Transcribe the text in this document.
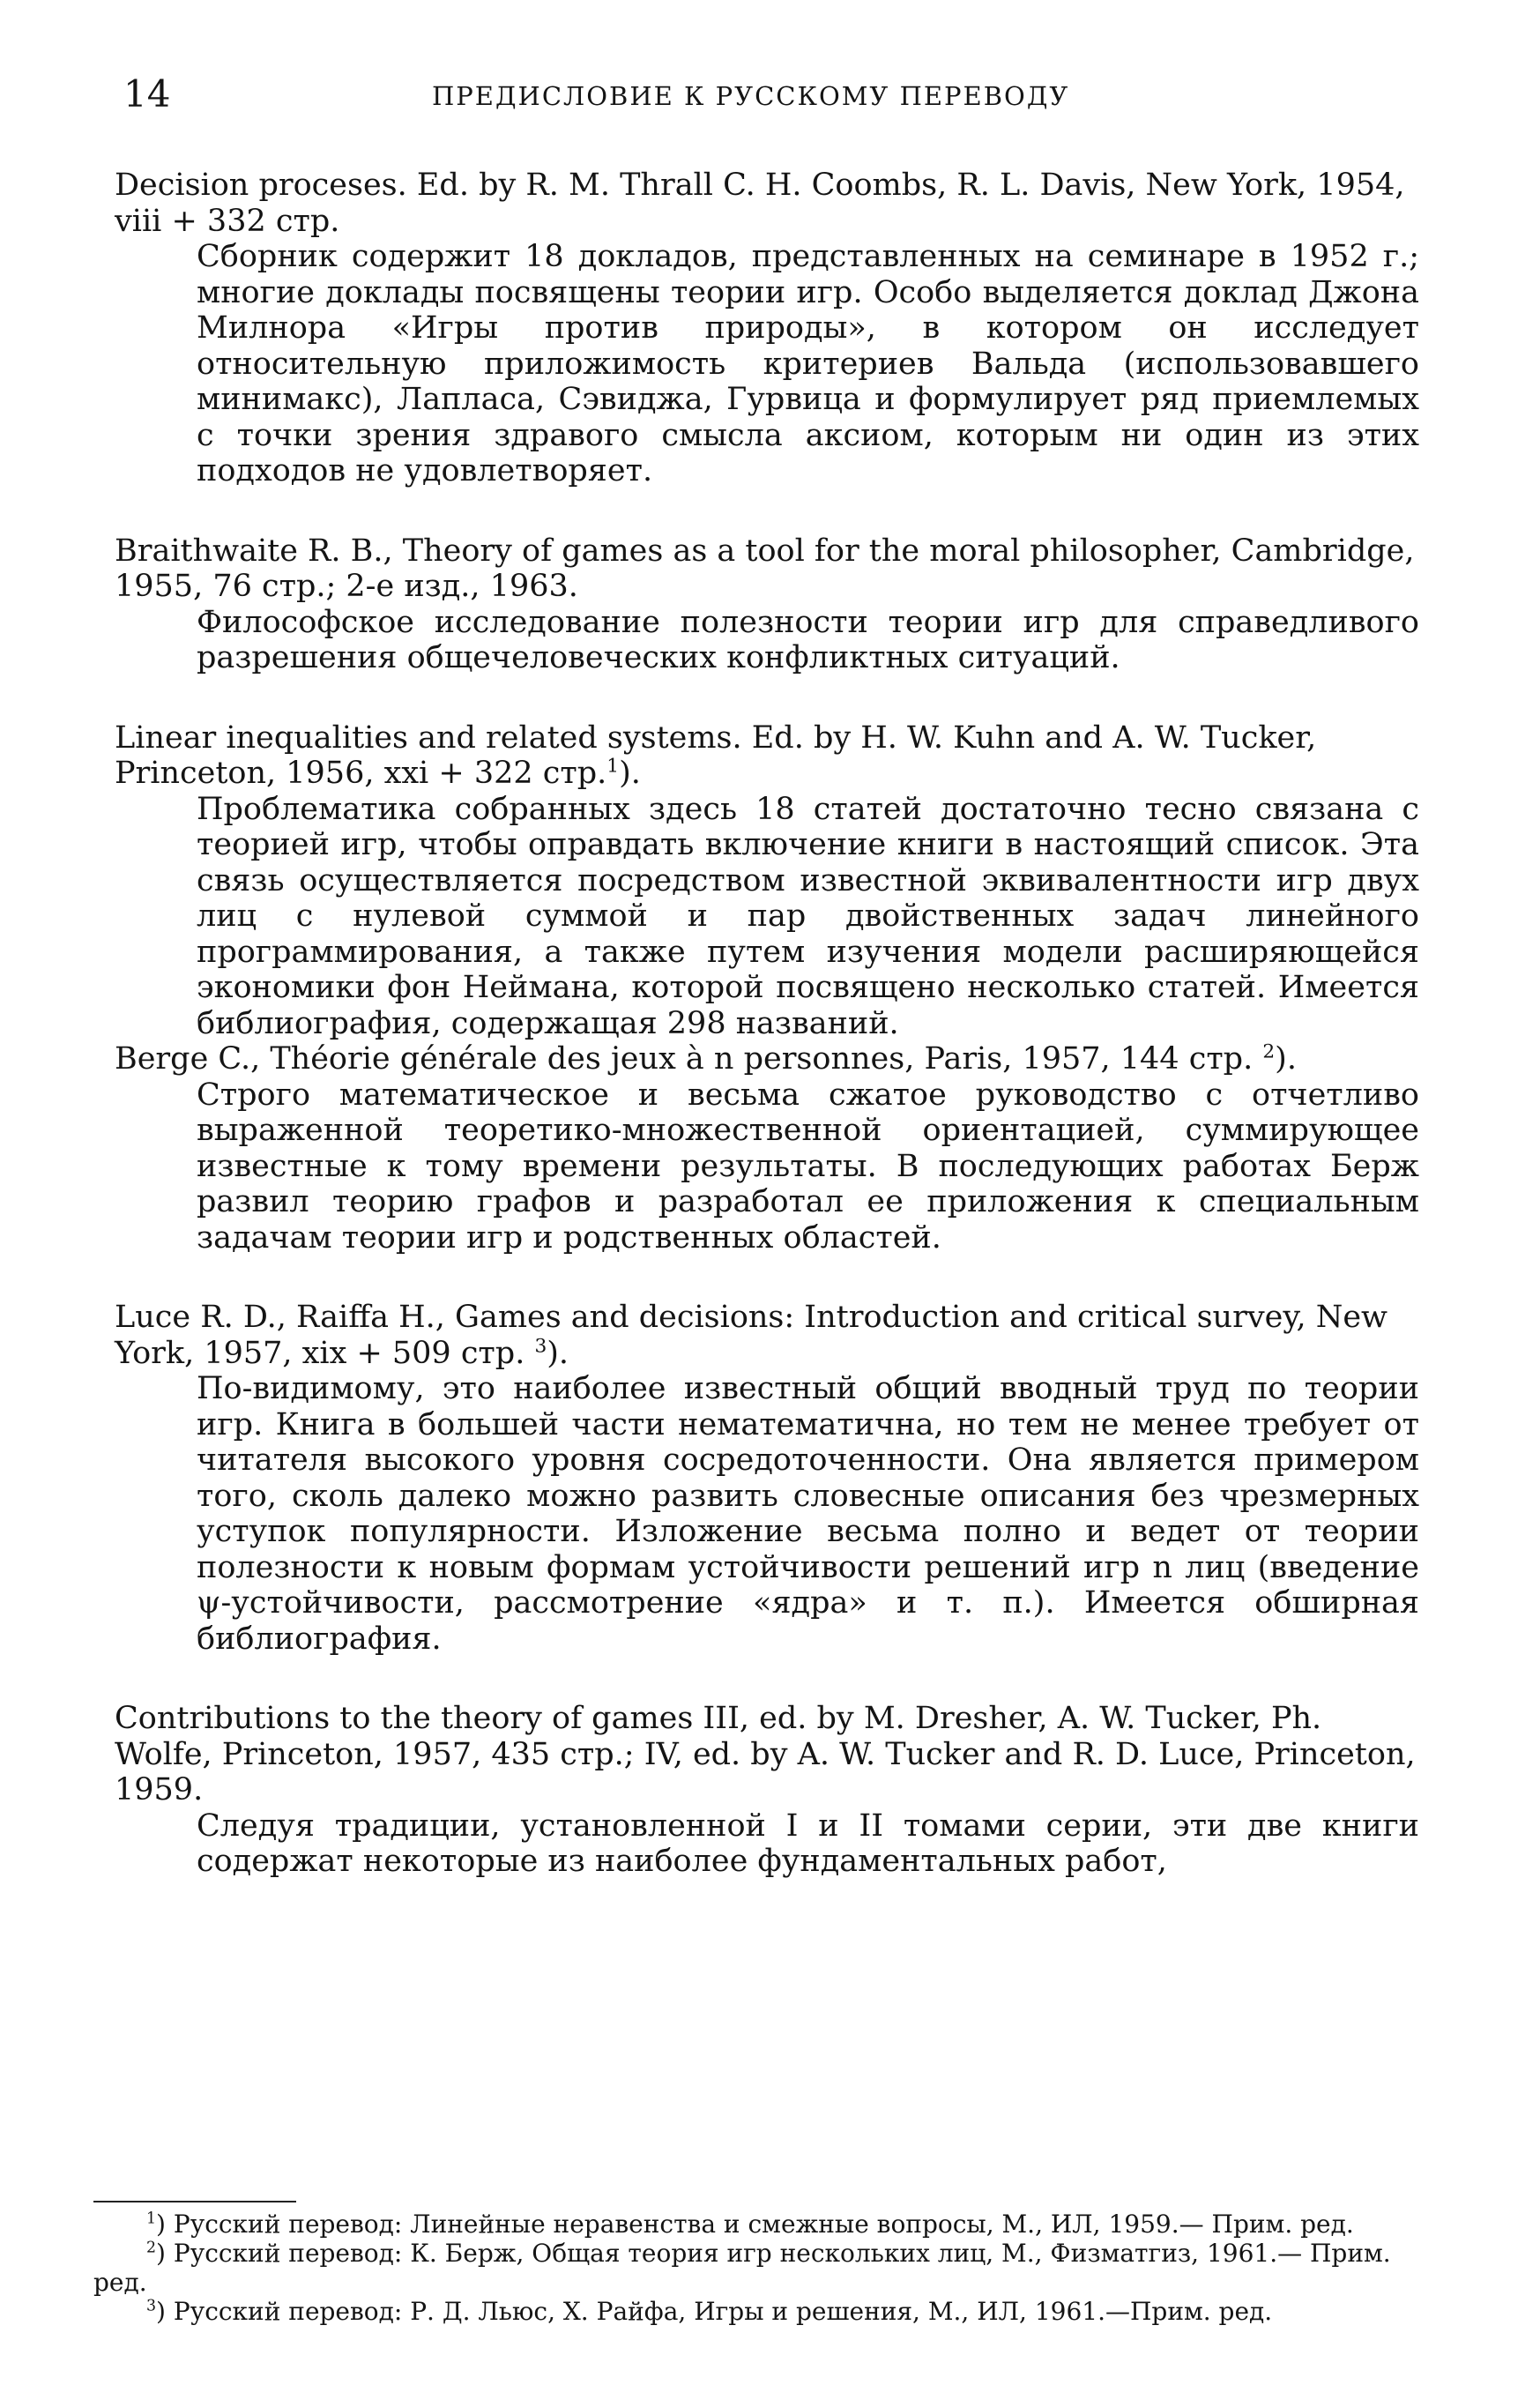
14	ПРЕДИСЛОВИЕ К РУССКОМУ ПЕРЕВОДУ

Decision proceses. Ed. by R. M. Thrall C. H. Coombs, R. L. Davis, New York, 1954, viii + 332 стр.

Сборник содержит 18 докладов, представленных на семинаре в 1952 г.; многие доклады посвящены теории игр. Особо выделяется доклад Джона Милнора «Игры против природы», в котором он исследует относительную приложимость критериев Вальда (использовавшего минимакс), Лапласа, Сэвиджа, Гурвица и формулирует ряд приемлемых с точки зрения здравого смысла аксиом, которым ни один из этих подходов не удовлетворяет.

Braithwaite R. B., Theory of games as a tool for the moral philosopher, Cambridge, 1955, 76 стр.; 2-е изд., 1963.

Философское исследование полезности теории игр для справедливого разрешения общечеловеческих конфликтных ситуаций.

Linear inequalities and related systems. Ed. by H. W. Kuhn and A. W. Tucker, Princeton, 1956, xxi + 322 стр.$^1$).

Проблематика собранных здесь 18 статей достаточно тесно связана с теорией игр, чтобы оправдать включение книги в настоящий список. Эта связь осуществляется посредством известной эквивалентности игр двух лиц с нулевой суммой и пар двойственных задач линейного программирования, а также путем изучения модели расширяющейся экономики фон Неймана, которой посвящено несколько статей. Имеется библиография, содержащая 298 названий.

Berge C., Théorie générale des jeux à n personnes, Paris, 1957, 144 стр. $^2$).

Строго математическое и весьма сжатое руководство с отчетливо выраженной теоретико-множественной ориентацией, суммирующее известные к тому времени результаты. В последующих работах Берж развил теорию графов и разработал ее приложения к специальным задачам теории игр и родственных областей.

Luce R. D., Raiffa H., Games and decisions: Introduction and critical survey, New York, 1957, xix + 509 стр. $^3$).

По-видимому, это наиболее известный общий вводный труд по теории игр. Книга в большей части нематематична, но тем не менее требует от читателя высокого уровня сосредоточенности. Она является примером того, сколь далеко можно развить словесные описания без чрезмерных уступок популярности. Изложение весьма полно и ведет от теории полезности к новым формам устойчивости решений игр n лиц (введение ψ-устойчивости, рассмотрение «ядра» и т. п.). Имеется обширная библиография.

Contributions to the theory of games III, ed. by M. Dresher, A. W. Tucker, Ph. Wolfe, Princeton, 1957, 435 стр.; IV, ed. by A. W. Tucker and R. D. Luce, Princeton, 1959.

Следуя традиции, установленной I и II томами серии, эти две книги содержат некоторые из наиболее фундаментальных работ,

$^1$) Русский перевод: Линейные неравенства и смежные вопросы, М., ИЛ, 1959.— Прим. ред.

$^2$) Русский перевод: К. Берж, Общая теория игр нескольких лиц, М., Физматгиз, 1961.— Прим. ред.

$^3$) Русский перевод: Р. Д. Льюс, Х. Райфа, Игры и решения, М., ИЛ, 1961.—Прим. ред.
